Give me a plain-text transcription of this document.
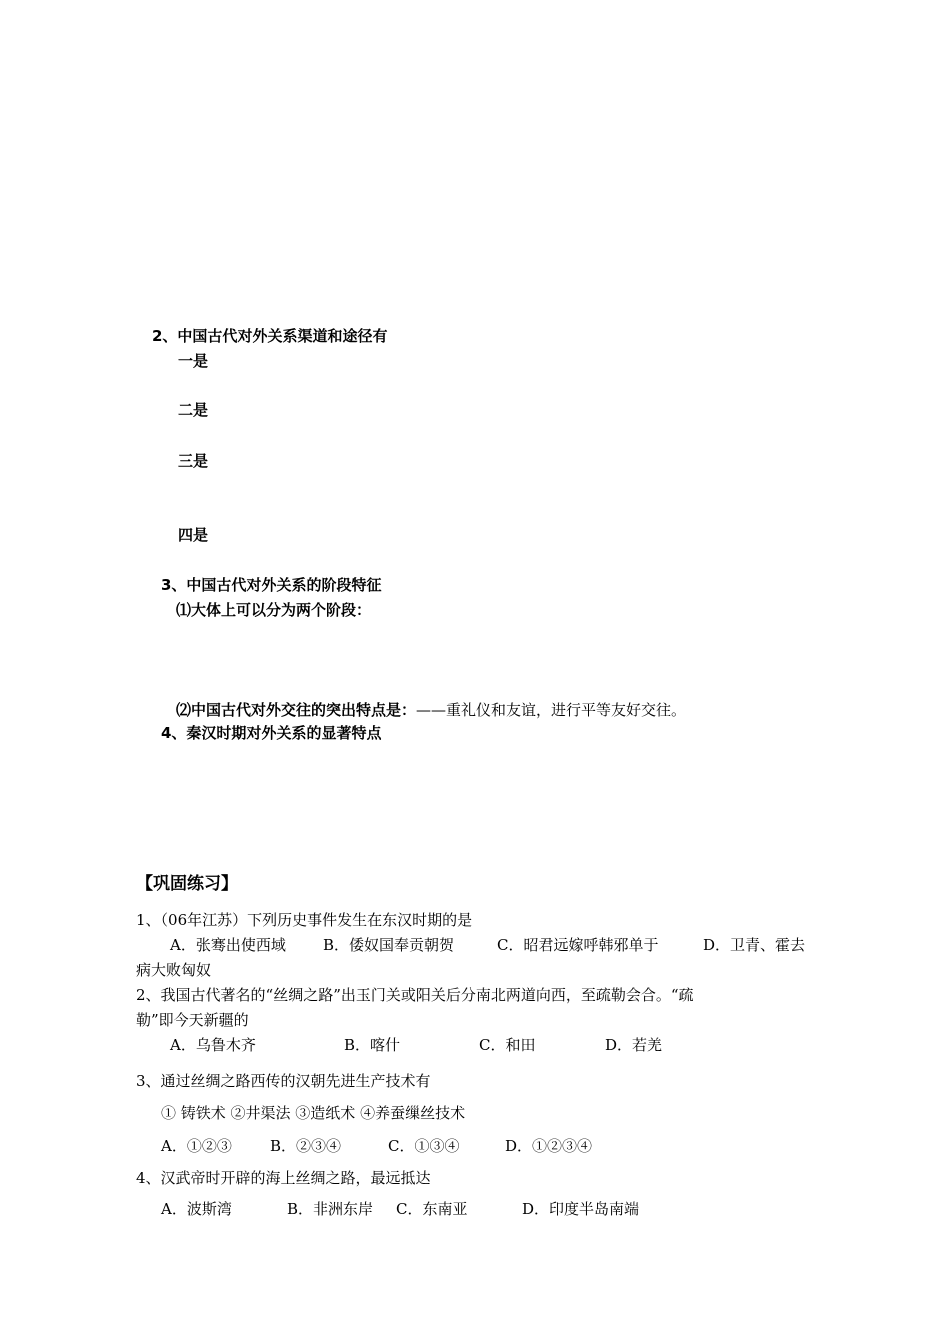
2、中国古代对外关系渠道和途径有
一是
二是
三是
四是
3、中国古代对外关系的阶段特征
⑴大体上可以分为两个阶段：
⑵中国古代对外交往的突出特点是：——重礼仪和友谊，进行平等友好交往。
4、秦汉时期对外关系的显著特点
【巩固练习】
1、（06年江苏）下列历史事件发生在东汉时期的是
A．张骞出使西域 B．倭奴国奉贡朝贺	C．昭君远嫁呼韩邪单于	D．卫青、霍去
病大败匈奴
2、我国古代著名的“丝绸之路”出玉门关或阳关后分南北两道向西，至疏勒会合。“疏
勒”即今天新疆的
A．乌鲁木齐	B．喀什	C．和田	D．若羌
3、通过丝绸之路西传的汉朝先进生产技术有
① 铸铁术 ②井渠法 ③造纸术 ④养蚕缫丝技术
A．①②③	B．②③④	C．①③④	D．①②③④
4、汉武帝时开辟的海上丝绸之路，最远抵达
A．波斯湾	B．非洲东岸 C．东南亚	D．印度半岛南端
